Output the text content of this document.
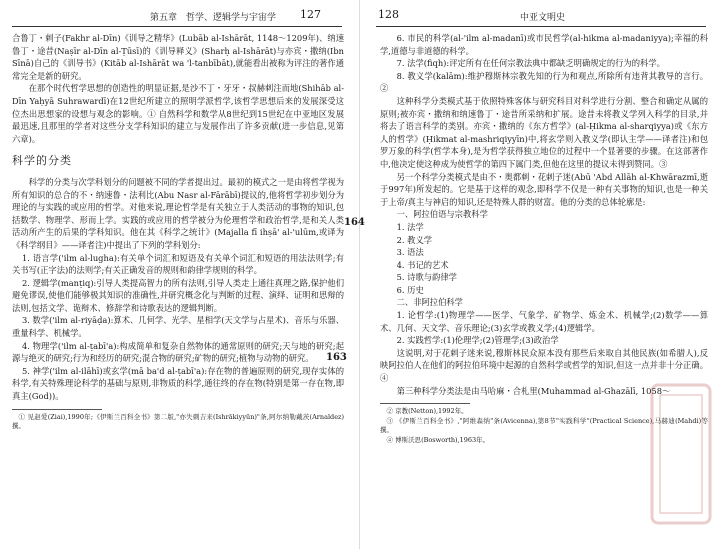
第五章　哲学、逻辑学与宇宙学 127

合鲁丁・剌子(Fakhr al-Dīn)《训导之精华》(Lubāb al-Ishārāt, 1148～1209年)、纳速鲁丁・途昔(Naṣīr al-Dīn al-Ṭūsī)的《训导释义》(Sharḥ al-Ishārāt)与亦宾・撒纳(Ibn Sīnā)自己的《训导书》(Kitāb al-Ishārāt wa 'l-tanbībāt),就能看出被称为评注的著作通常完全是新的研究。

在那个时代哲学思想的创造性的明显证据,是沙不丁・牙牙・叔赫刺注而地(Shihāb al-Dīn Yaḥyā Suhrawardī)在12世纪所建立的照明学派哲学,该哲学思想后来的发展深受这位杰出思想家的设想与观念的影响。① 自然科学和数学从8世纪到15世纪在中亚地区发展最迅速,且那里的学者对这些分支学科知识的建立与发展作出了许多贡献(进一步信息,见第六章)。

科学的分类

科学的分类与次学科划分的问题被不同的学者提出过。最初的模式之一是由将哲学视为所有知识的总合的不・纳速鲁・法利比(Abu Nasr al-Fārābī)提议的,他将哲学初步划分为理论的与实践的或应用的哲学。对他来说,理论哲学是有关独立于人类活动的事物的知识,包括数学、物理学、形而上学。实践的或应用的哲学被分为伦理哲学和政治哲学,是和关人类活动所产生的后果的学科知识。他在其《科学之统计》(Majalla fī ihṣā' al-'ulūm,或译为《科学纲目》——译者注)中提出了下列的学科划分:

1. 语言学('ilm al-lugha):有关单个词汇和短语及有关单个词汇和短语的用法法则学;有关书写(正字法)的法则学;有关正确发音的规则和韵律学规则的科学。

2. 逻辑学(manṭiq):引导人类提高智力的所有法则,引导人类走上通往真理之路,保护他们避免谬误,使他们能够极其知识的准确性,并研究概念化与判断的过程、演绎、证明和思辩的法则,包括文学、诡辩术、修辞学和诗歌表达的逻辑判断。

3. 数学('ilm al-riyāḍa):算术、几何学、光学、星相学(天文学与占星术)、音乐与乐器、重量科学、机械学。

4. 物理学('ilm al-ṭabī'a):构成简单和复杂自然物体的通常原则的研究;天与地的研究;起源与绝灭的研究;行为和经历的研究;混合物的研究;矿物的研究;植物与动物的研究。

5. 神学('ilm al-ilāhī)或玄学(mā ba'd al-ṭabī'a):存在物的普遍原则的研究,现存实体的科学,有关特殊理论科学的基础与原则,非物质的科学,通往终的存在物(特别是第一存在物,即真主(God))。

① 见赵爱(Ziai),1990年;《伊斯兰百科全书》第二版,"亦失刺吉来(Ishrākiyyūn)"条,阿尔纳勒戴茨(Arnaldez)撰。

163
128	中亚文明史

6. 市民的科学(al-'ilm al-madanī)或市民哲学(al-hikma al-madaniyya);幸福的科学,道德与非道德的科学。

7. 法学(fiqh):评定所有在任何宗教法典中都缺乏明确规定的行为的科学。

8. 教义学(kalām):维护穆斯林宗教先知的行为和观点,所除所有违背其教导的言行。②

这种科学分类模式基于依照特殊客体与研究科目对科学进行分割、整合和确定从属的原则;被亦宾・撒纳和纳速鲁丁・途昔所采纳和扩展。途昔未将教义学列入科学的目录,并将去了语言科学的类别。亦宾・撒纳的《东方哲学》(al-Ḥikma al-sharqiyya)或《东方人的哲学》(Ḥikmat al-mashriqiyyīn)中,将玄学则入教义学(即认主学——译者注)和包罗万象的科学(哲学本身),是为哲学获得独立地位的过程中一个显著要的步骤。在这部著作中,他决定使这种成为使哲学的第四下属门类,但他在这里的提议未得到赞同。③

另一个科学分类模式是由不・奥都刺・花剌子迷(Abū 'Abd Allāh al-Khwārazmī,逝于997年)所发起的。它是基于这样的观念,即科学不仅是一种有关事物的知识,也是一种关于上帝/真主与神启的知识,还是特殊人群的财富。他的分类的总体轮廓是:

一、阿拉伯语与宗教科学

1. 法学

2. 教义学

3. 语法

4. 书记的艺术

5. 诗歌与韵律学

6. 历史

二、非阿拉伯科学

1. 论哲学:(1)物理学——医学、气象学、矿物学、炼金术、机械学;(2)数学——算术、几何、天文学、音乐理论;(3)玄学或教义学;(4)逻辑学。

2. 实践哲学:(1)伦理学;(2)管理学;(3)政治学

这说明,对于花剌子迷来说,穆斯林民众原本没有那些后来取自其他民族(如希腊人),反映阿拉伯人在他们的阿拉伯环境中起源的自然科学或哲学的知识,但这一点并非十分正确。④

第三种科学分类法是由马哈麻・合札里(Muhammad al-Ghazālī, 1058～

② 京教(Netton),1992年。

③ 《伊斯兰百科全书》,"阿维森纳"条(Avicenna),第8节"实践科学"(Practical Science),马赫迪(Mahdi)等撰。

④ 博斯沃思(Bosworth),1963年。

164
